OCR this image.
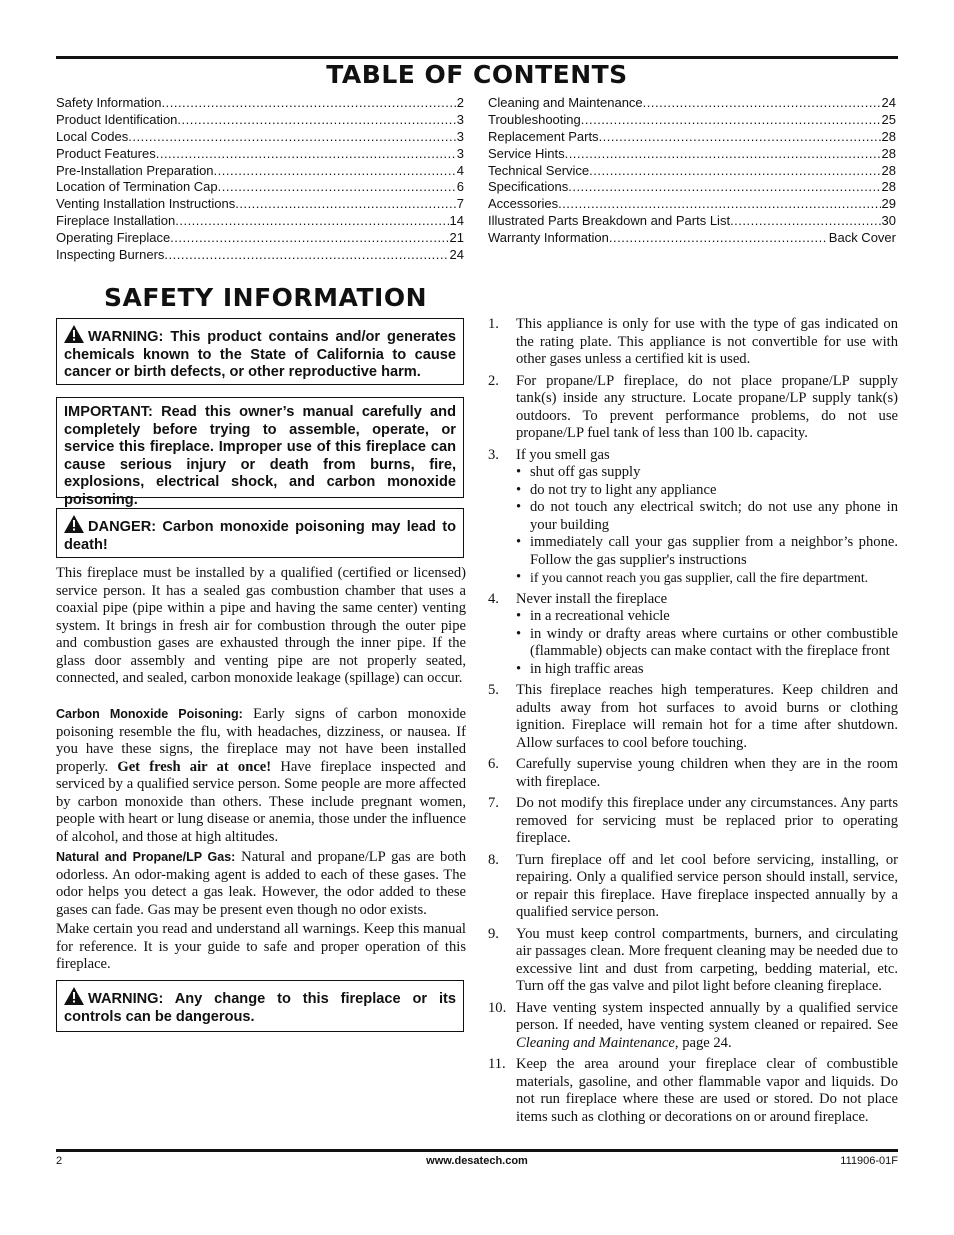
TABLE OF CONTENTS
Safety Information .....	2
Product Identification .....	3
Local Codes .....	3
Product Features .....	3
Pre-Installation Preparation .....	4
Location of Termination Cap .....	6
Venting Installation Instructions .....	7
Fireplace Installation .....	14
Operating Fireplace .....	21
Inspecting Burners .....	24
Cleaning and Maintenance .....	24
Troubleshooting .....	25
Replacement Parts .....	28
Service Hints .....	28
Technical Service .....	28
Specifications .....	28
Accessories .....	29
Illustrated Parts Breakdown and Parts List .....	30
Warranty Information .....	Back Cover
SAFETY INFORMATION
WARNING: This product contains and/or generates chemicals known to the State of California to cause cancer or birth defects, or other reproductive harm.
IMPORTANT: Read this owner’s manual carefully and completely before trying to assemble, operate, or service this fireplace. Improper use of this fireplace can cause serious injury or death from burns, fire, explosions, electrical shock, and carbon monoxide poisoning.
DANGER: Carbon monoxide poisoning may lead to death!

This fireplace must be installed by a qualified (certified or licensed) service person. It has a sealed gas combustion chamber that uses a coaxial pipe (pipe within a pipe and having the same center) venting system. It brings in fresh air for combustion through the outer pipe and combustion gases are exhausted through the inner pipe. If the glass door assembly and venting pipe are not properly seated, connected, and sealed, carbon monoxide leakage (spillage) can occur.

Carbon Monoxide Poisoning: Early signs of carbon monoxide poisoning resemble the flu, with headaches, dizziness, or nausea. If you have these signs, the fireplace may not have been installed properly. Get fresh air at once! Have fireplace inspected and serviced by a qualified service person. Some people are more affected by carbon monoxide than others. These include pregnant women, people with heart or lung disease or anemia, those under the influence of alcohol, and those at high altitudes.

Natural and Propane/LP Gas: Natural and propane/LP gas are both odorless. An odor-making agent is added to each of these gases. The odor helps you detect a gas leak. However, the odor added to these gases can fade. Gas may be present even though no odor exists.

Make certain you read and understand all warnings. Keep this manual for reference. It is your guide to safe and proper operation of this fireplace.

WARNING: Any change to this fireplace or its controls can be dangerous.
1.	This appliance is only for use with the type of gas indicated on the rating plate. This appliance is not convertible for use with other gases unless a certified kit is used.
2.	For propane/LP fireplace, do not place propane/LP supply tank(s) inside any structure. Locate propane/LP supply tank(s) outdoors. To prevent performance problems, do not use propane/LP fuel tank of less than 100 lb. capacity.
3.	If you smell gas
• shut off gas supply
• do not try to light any appliance
• do not touch any electrical switch; do not use any phone in your building
• immediately call your gas supplier from a neighbor’s phone. Follow the gas supplier's instructions
• if you cannot reach you gas supplier, call the fire department.
4.	Never install the fireplace
• in a recreational vehicle
• in windy or drafty areas where curtains or other combustible (flammable) objects can make contact with the fireplace front
• in high traffic areas
5.	This fireplace reaches high temperatures. Keep children and adults away from hot surfaces to avoid burns or clothing ignition. Fireplace will remain hot for a time after shutdown. Allow surfaces to cool before touching.
6.	Carefully supervise young children when they are in the room with fireplace.
7.	Do not modify this fireplace under any circumstances. Any parts removed for servicing must be replaced prior to operating fireplace.
8.	Turn fireplace off and let cool before servicing, installing, or repairing. Only a qualified service person should install, service, or repair this fireplace. Have fireplace inspected annually by a qualified service person.
9.	You must keep control compartments, burners, and circulating air passages clean. More frequent cleaning may be needed due to excessive lint and dust from carpeting, bedding material, etc. Turn off the gas valve and pilot light before cleaning fireplace.
10. Have venting system inspected annually by a qualified service person. If needed, have venting system cleaned or repaired. See Cleaning and Maintenance, page 24.
11. Keep the area around your fireplace clear of combustible materials, gasoline, and other flammable vapor and liquids. Do not run fireplace where these are used or stored. Do not place items such as clothing or decorations on or around fireplace.
2	www.desatech.com	111906-01F
